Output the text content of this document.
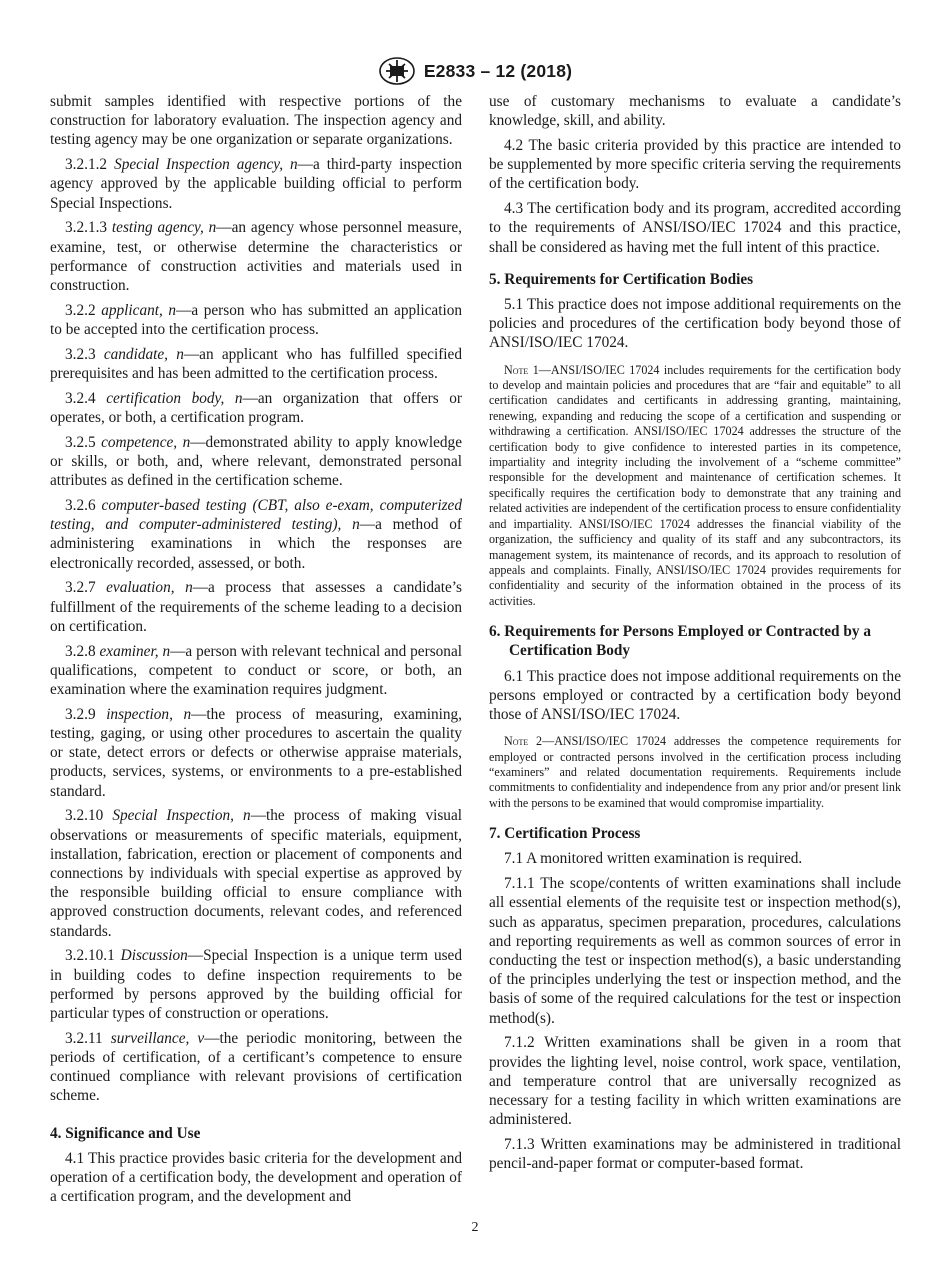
E2833 – 12 (2018)

submit samples identified with respective portions of the construction for laboratory evaluation. The inspection agency and testing agency may be one organization or separate organizations.

3.2.1.2 Special Inspection agency, n—a third-party inspection agency approved by the applicable building official to perform Special Inspections.

3.2.1.3 testing agency, n—an agency whose personnel measure, examine, test, or otherwise determine the characteristics or performance of construction activities and materials used in construction.

3.2.2 applicant, n—a person who has submitted an application to be accepted into the certification process.

3.2.3 candidate, n—an applicant who has fulfilled specified prerequisites and has been admitted to the certification process.

3.2.4 certification body, n—an organization that offers or operates, or both, a certification program.

3.2.5 competence, n—demonstrated ability to apply knowledge or skills, or both, and, where relevant, demonstrated personal attributes as defined in the certification scheme.

3.2.6 computer-based testing (CBT, also e-exam, computerized testing, and computer-administered testing), n—a method of administering examinations in which the responses are electronically recorded, assessed, or both.

3.2.7 evaluation, n—a process that assesses a candidate’s fulfillment of the requirements of the scheme leading to a decision on certification.

3.2.8 examiner, n—a person with relevant technical and personal qualifications, competent to conduct or score, or both, an examination where the examination requires judgment.

3.2.9 inspection, n—the process of measuring, examining, testing, gaging, or using other procedures to ascertain the quality or state, detect errors or defects or otherwise appraise materials, products, services, systems, or environments to a pre-established standard.

3.2.10 Special Inspection, n—the process of making visual observations or measurements of specific materials, equipment, installation, fabrication, erection or placement of components and connections by individuals with special expertise as approved by the responsible building official to ensure compliance with approved construction documents, relevant codes, and referenced standards.

3.2.10.1 Discussion—Special Inspection is a unique term used in building codes to define inspection requirements to be performed by persons approved by the building official for particular types of construction or operations.

3.2.11 surveillance, v—the periodic monitoring, between the periods of certification, of a certificant’s competence to ensure continued compliance with relevant provisions of certification scheme.

4. Significance and Use

4.1 This practice provides basic criteria for the development and operation of a certification body, the development and operation of a certification program, and the development and

use of customary mechanisms to evaluate a candidate’s knowledge, skill, and ability.

4.2 The basic criteria provided by this practice are intended to be supplemented by more specific criteria serving the requirements of the certification body.

4.3 The certification body and its program, accredited according to the requirements of ANSI/ISO/IEC 17024 and this practice, shall be considered as having met the full intent of this practice.

5. Requirements for Certification Bodies

5.1 This practice does not impose additional requirements on the policies and procedures of the certification body beyond those of ANSI/ISO/IEC 17024.

Note 1—ANSI/ISO/IEC 17024 includes requirements for the certification body to develop and maintain policies and procedures that are “fair and equitable” to all certification candidates and certificants in addressing granting, maintaining, renewing, expanding and reducing the scope of a certification and suspending or withdrawing a certification. ANSI/ISO/IEC 17024 addresses the structure of the certification body to give confidence to interested parties in its competence, impartiality and integrity including the involvement of a “scheme committee” responsible for the development and maintenance of certification schemes. It specifically requires the certification body to demonstrate that any training and related activities are independent of the certification process to ensure confidentiality and impartiality. ANSI/ISO/IEC 17024 addresses the financial viability of the organization, the sufficiency and quality of its staff and any subcontractors, its management system, its maintenance of records, and its approach to resolution of appeals and complaints. Finally, ANSI/ISO/IEC 17024 provides requirements for confidentiality and security of the information obtained in the process of its activities.
6. Requirements for Persons Employed or Contracted by a Certification Body

6.1 This practice does not impose additional requirements on the persons employed or contracted by a certification body beyond those of ANSI/ISO/IEC 17024.

Note 2—ANSI/ISO/IEC 17024 addresses the competence requirements for employed or contracted persons involved in the certification process including “examiners” and related documentation requirements. Requirements include commitments to confidentiality and independence from any prior and/or present link with the persons to be examined that would compromise impartiality.
7. Certification Process

7.1 A monitored written examination is required.

7.1.1 The scope/contents of written examinations shall include all essential elements of the requisite test or inspection method(s), such as apparatus, specimen preparation, procedures, calculations and reporting requirements as well as common sources of error in conducting the test or inspection method(s), a basic understanding of the principles underlying the test or inspection method, and the basis of some of the required calculations for the test or inspection method(s).

7.1.2 Written examinations shall be given in a room that provides the lighting level, noise control, work space, ventilation, and temperature control that are universally recognized as necessary for a testing facility in which written examinations are administered.

7.1.3 Written examinations may be administered in traditional pencil-and-paper format or computer-based format.

2
